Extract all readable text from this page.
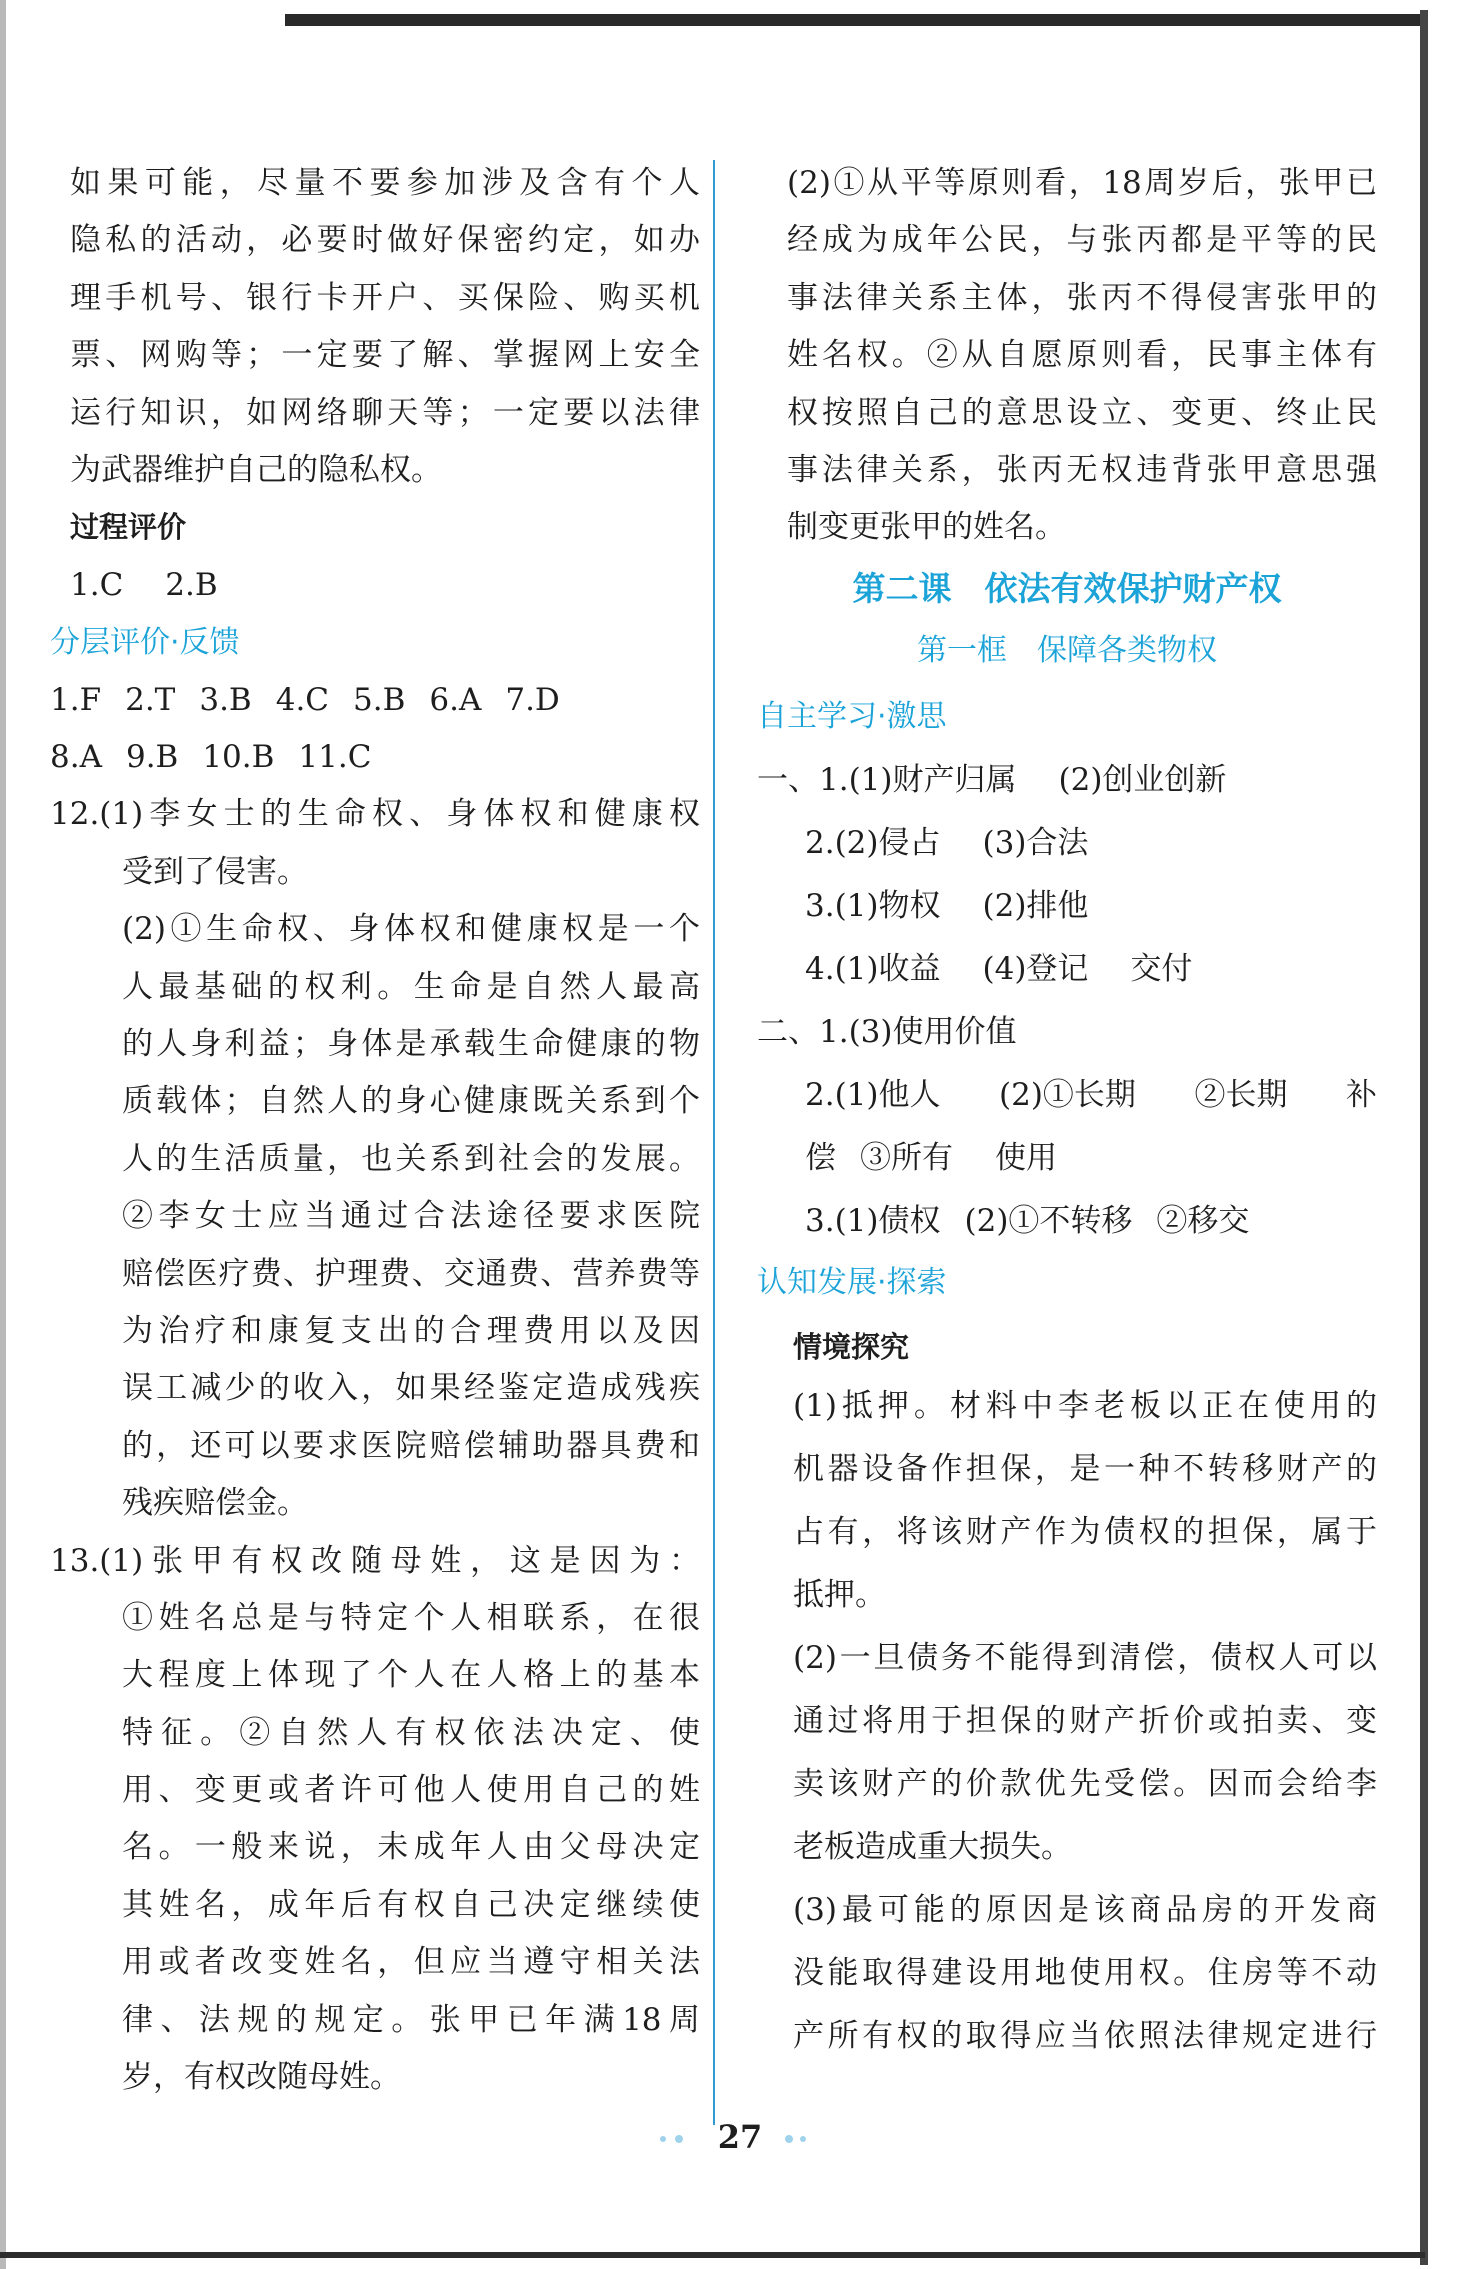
如果可能，尽量不要参加涉及含有个人
隐私的活动，必要时做好保密约定，如办
理手机号、银行卡开户、买保险、购买机
票、网购等；一定要了解、掌握网上安全
运行知识，如网络聊天等；一定要以法律
为武器维护自己的隐私权。
过程评价
1.C 2.B
分层评价·反馈
1.F 2.T 3.B 4.C 5.B 6.A 7.D
8.A 9.B 10.B 11.C
12.(1)李女士的生命权、身体权和健康权
受到了侵害。
(2)①生命权、身体权和健康权是一个
人最基础的权利。生命是自然人最高
的人身利益；身体是承载生命健康的物
质载体；自然人的身心健康既关系到个
人的生活质量，也关系到社会的发展。
②李女士应当通过合法途径要求医院
赔偿医疗费、护理费、交通费、营养费等
为治疗和康复支出的合理费用以及因
误工减少的收入，如果经鉴定造成残疾
的，还可以要求医院赔偿辅助器具费和
残疾赔偿金。
13.(1)张甲有权改随母姓，这是因为：
①姓名总是与特定个人相联系，在很
大程度上体现了个人在人格上的基本
特征。②自然人有权依法决定、使
用、变更或者许可他人使用自己的姓
名。一般来说，未成年人由父母决定
其姓名，成年后有权自己决定继续使
用或者改变姓名，但应当遵守相关法
律、法规的规定。张甲已年满18周
岁，有权改随母姓。
(2)①从平等原则看，18周岁后，张甲已
经成为成年公民，与张丙都是平等的民
事法律关系主体，张丙不得侵害张甲的
姓名权。②从自愿原则看，民事主体有
权按照自己的意思设立、变更、终止民
事法律关系，张丙无权违背张甲意思强
制变更张甲的姓名。
第二课　依法有效保护财产权
第一框　保障各类物权
自主学习·激思
一、1.(1)财产归属 (2)创业创新
2.(2)侵占 (3)合法
3.(1)物权 (2)排他
4.(1)收益 (4)登记 交付
二、1.(3)使用价值
2.(1)他人 (2)①长期 ②长期 补
偿 ③所有 使用
3.(1)债权 (2)①不转移 ②移交
认知发展·探索
情境探究
(1)抵押。材料中李老板以正在使用的
机器设备作担保，是一种不转移财产的
占有，将该财产作为债权的担保，属于
抵押。
(2)一旦债务不能得到清偿，债权人可以
通过将用于担保的财产折价或拍卖、变
卖该财产的价款优先受偿。因而会给李
老板造成重大损失。
(3)最可能的原因是该商品房的开发商
没能取得建设用地使用权。住房等不动
产所有权的取得应当依照法律规定进行
27
